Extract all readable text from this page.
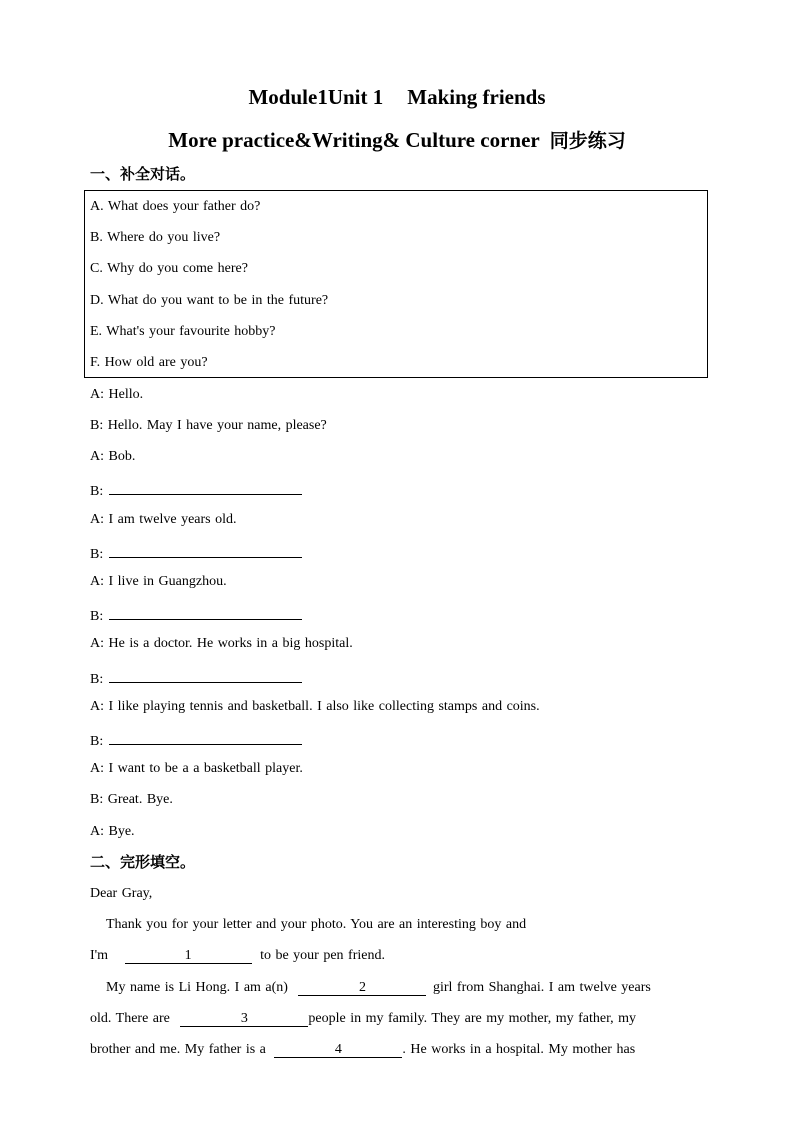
Module1Unit 1 Making friends
More practice&Writing& Culture corner 同步练习
一、补全对话。
A. What does your father do?
B. Where do you live?
C. Why do you come here?
D. What do you want to be in the future?
E. What's your favourite hobby?
F. How old are you?
A: Hello.
B: Hello. May I have your name, please?
A: Bob.
B:
A: I am twelve years old.
B:
A: I live in Guangzhou.
B:
A: He is a doctor. He works in a big hospital.
B:
A: I like playing tennis and basketball. I also like collecting stamps and coins.
B:
A: I want to be a a basketball player.
B: Great. Bye.
A: Bye.
二、完形填空。
Dear Gray,
Thank you for your letter and your photo. You are an interesting boy and
I'm	1	to be your pen friend.
My name is Li Hong. I am a(n)	2	girl from Shanghai. I am twelve years
old. There are	3	people in my family. They are my mother, my father, my
brother and me. My father is a	4	. He works in a hospital. My mother has
